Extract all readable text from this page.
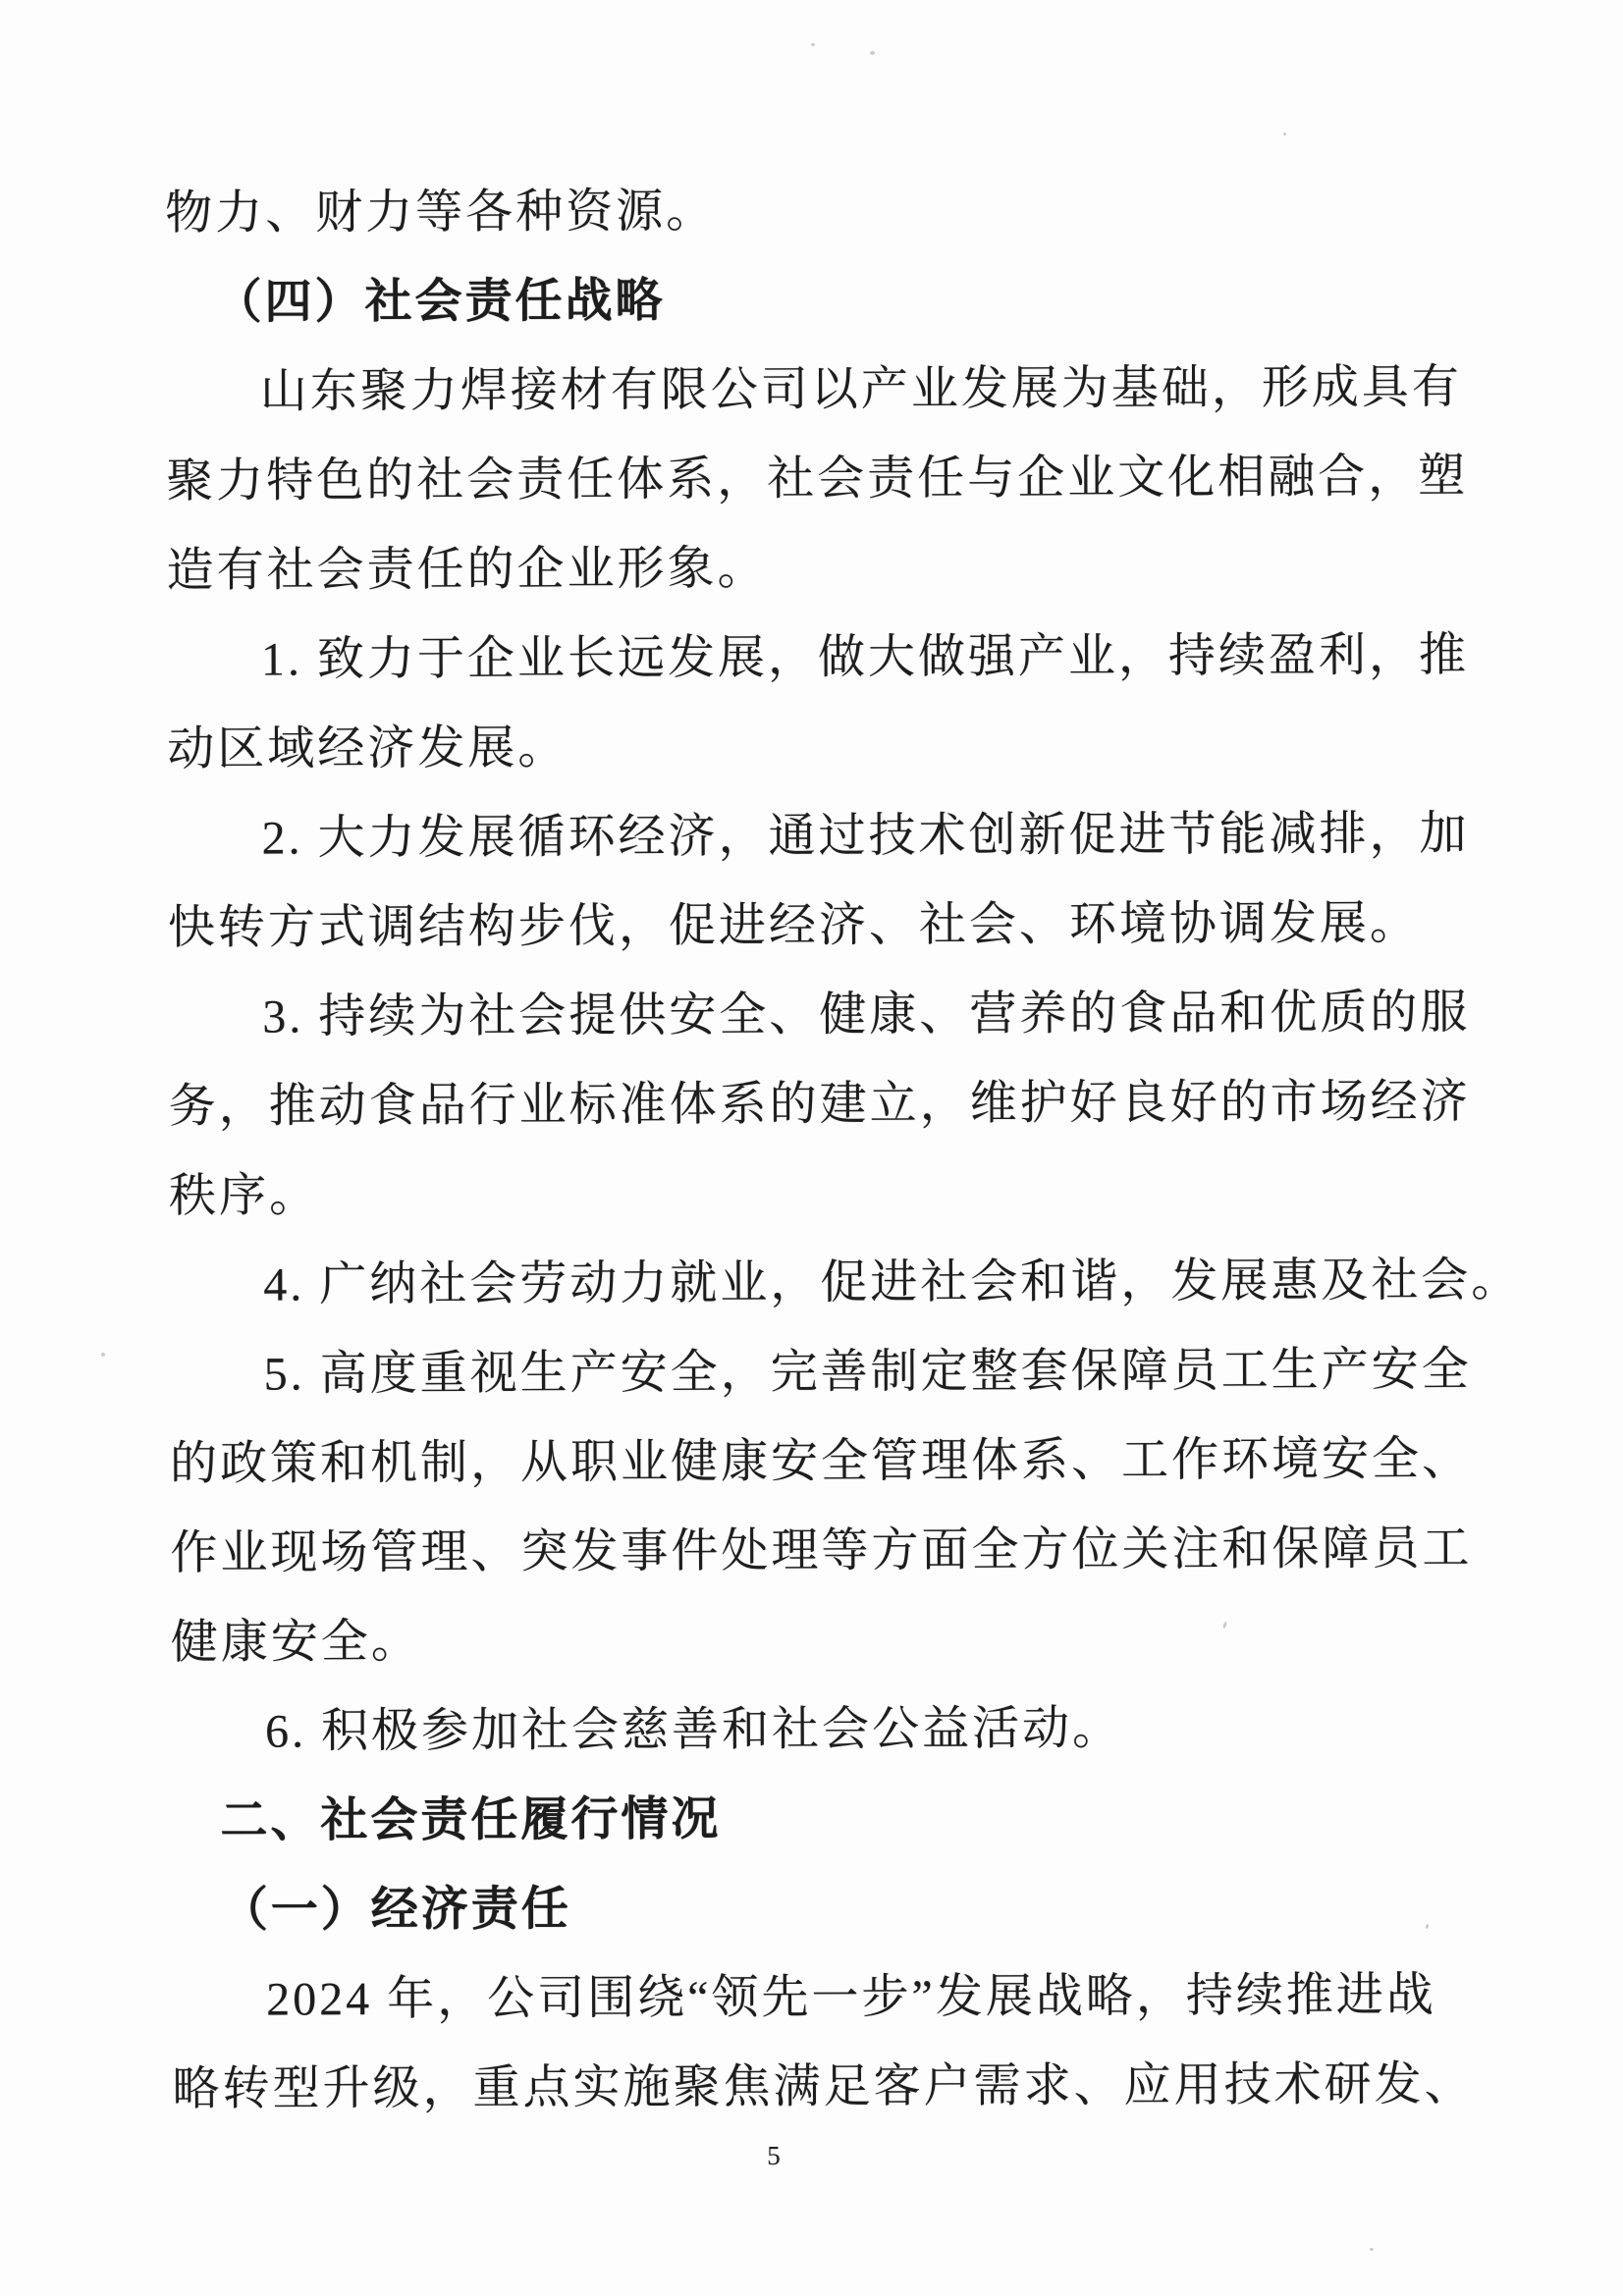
物力、财力等各种资源。
（四）社会责任战略
山东聚力焊接材有限公司以产业发展为基础，形成具有
聚力特色的社会责任体系，社会责任与企业文化相融合，塑
造有社会责任的企业形象。
1. 致力于企业长远发展，做大做强产业，持续盈利，推
动区域经济发展。
2. 大力发展循环经济，通过技术创新促进节能减排，加
快转方式调结构步伐，促进经济、社会、环境协调发展。
3. 持续为社会提供安全、健康、营养的食品和优质的服
务，推动食品行业标准体系的建立，维护好良好的市场经济
秩序。
4. 广纳社会劳动力就业，促进社会和谐，发展惠及社会。
5. 高度重视生产安全，完善制定整套保障员工生产安全
的政策和机制，从职业健康安全管理体系、工作环境安全、
作业现场管理、突发事件处理等方面全方位关注和保障员工
健康安全。
6. 积极参加社会慈善和社会公益活动。
二、社会责任履行情况
（一）经济责任
2024 年，公司围绕“领先一步”发展战略，持续推进战
略转型升级，重点实施聚焦满足客户需求、应用技术研发、
5
